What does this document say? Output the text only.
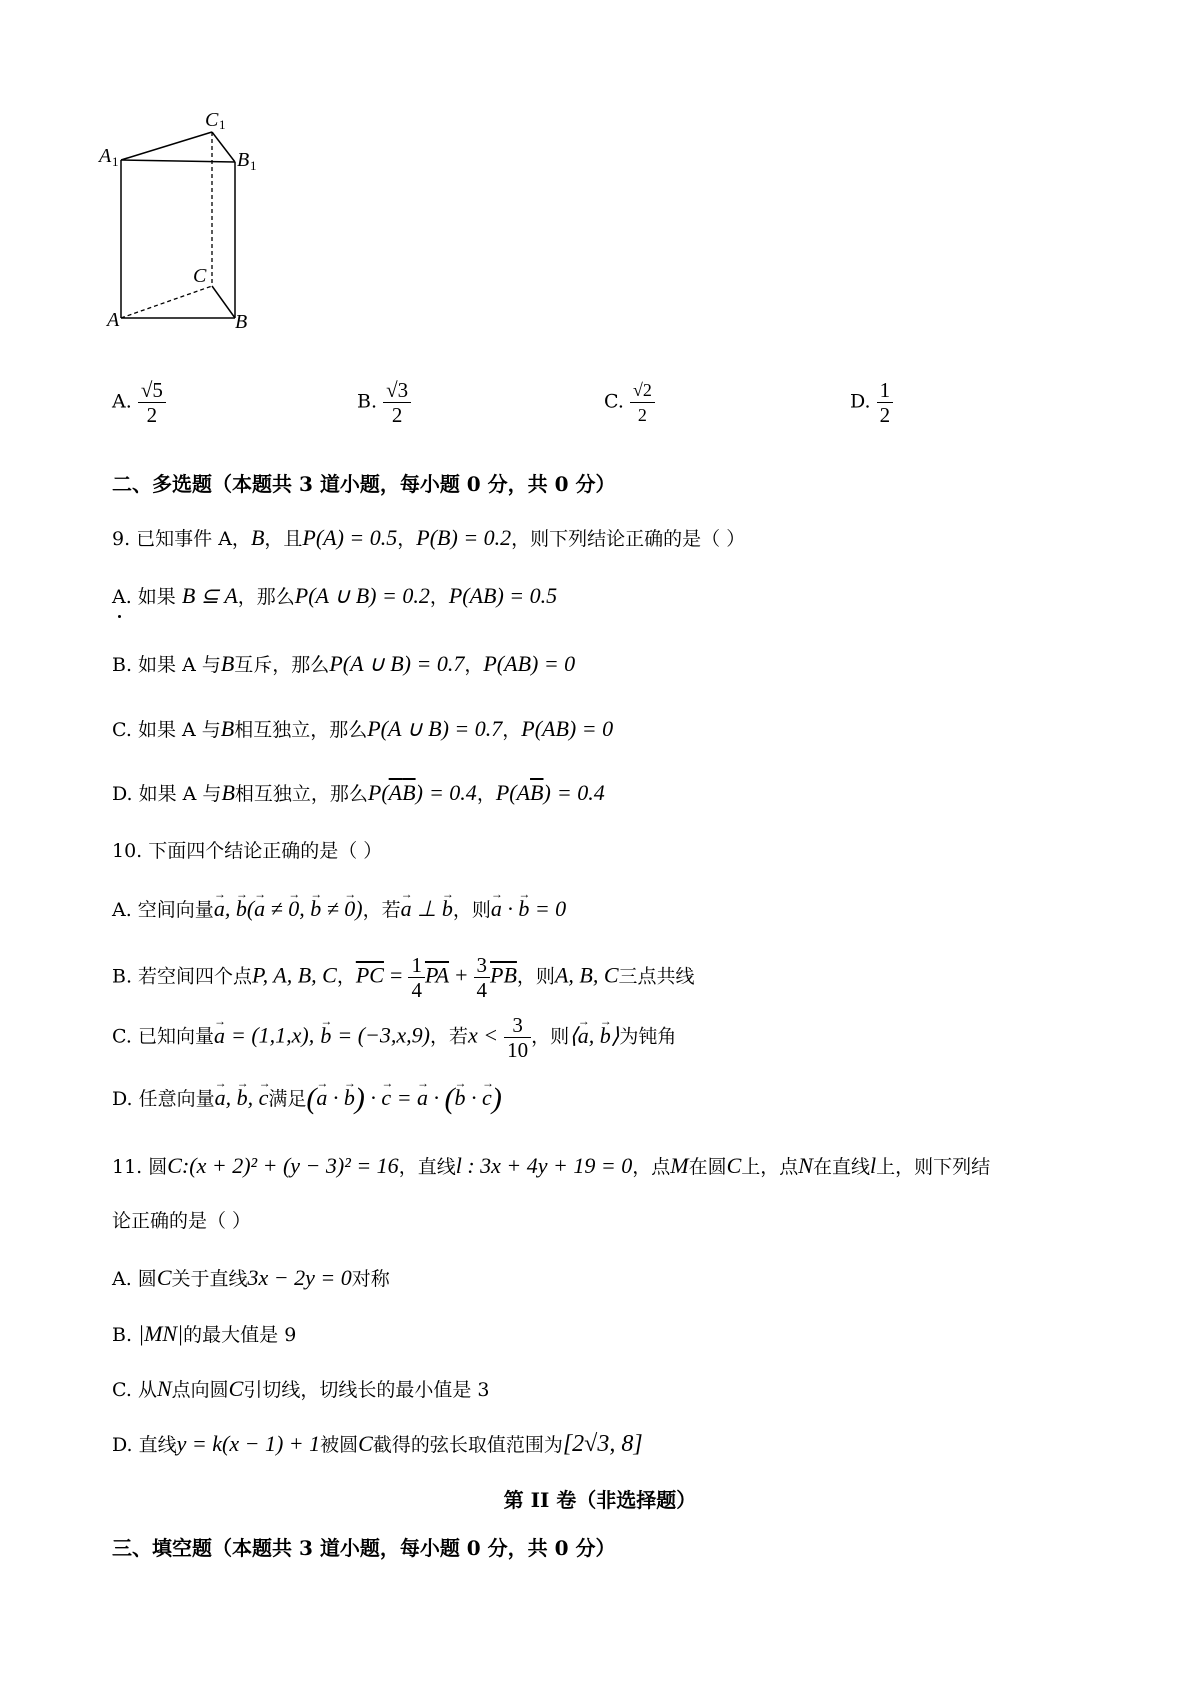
C 1
A 1	B 1
C
A	B
A. $\frac{√5}{2}$	B. $\frac{√3}{2}$	C. $\frac{√2}{2}$	D. $\frac{1}{2}$
二、多选题（本题共 3 道小题，每小题 0 分，共 0 分）
9. 已知事件 A，B，且P(A) = 0.5，P(B) = 0.2，则下列结论正确的是（ ）
A. 如果 B ⊆ A，那么P(A ∪ B) = 0.2，P(AB) = 0.5
B. 如果 A 与B互斥，那么P(A ∪ B) = 0.7，P(AB) = 0
C. 如果 A 与B相互独立，那么P(A ∪ B) = 0.7，P(AB) = 0
D. 如果 A 与B相互独立，那么$P(\overline{A}\overline{B}) = 0.4$，$P(A\overline{B}) = 0.4$
10. 下面四个结论正确的是（ ）
A. 空间向量→ a, → b(→ a ≠ → 0, → b ≠ → 0)，若→ a ⊥ → b，则→ a · → b = 0
B. 若空间四个点P, A, B, C，$\overline{PC} = \frac{1}{4} \overline{PA} + \frac{3}{4} \overline{PB}$，则A, B, C三点共线
C. 已知向量→ a = (1,1,x), → b = (−3,x,9)，若$x < \frac{3}{10}$ ，则⟨→ a, → b⟩为钝角
D. 任意向量→ a, → b, → c满足(→ a · → b) · → c = → a · (→ b · → c)
11. 圆C:(x + 2)² + (y − 3)² = 16，直线l : 3x + 4y + 19 = 0，点M在圆C上，点N在直线l上，则下列结
论正确的是（ ）
A. 圆C关于直线3x − 2y = 0对称
B. |MN|的最大值是 9
C. 从N点向圆C引切线，切线长的最小值是 3
D. 直线y = k(x − 1) + 1被圆C截得的弦长取值范围为[2√3, 8]
第 II 卷（非选择题）
三、填空题（本题共 3 道小题，每小题 0 分，共 0 分）
